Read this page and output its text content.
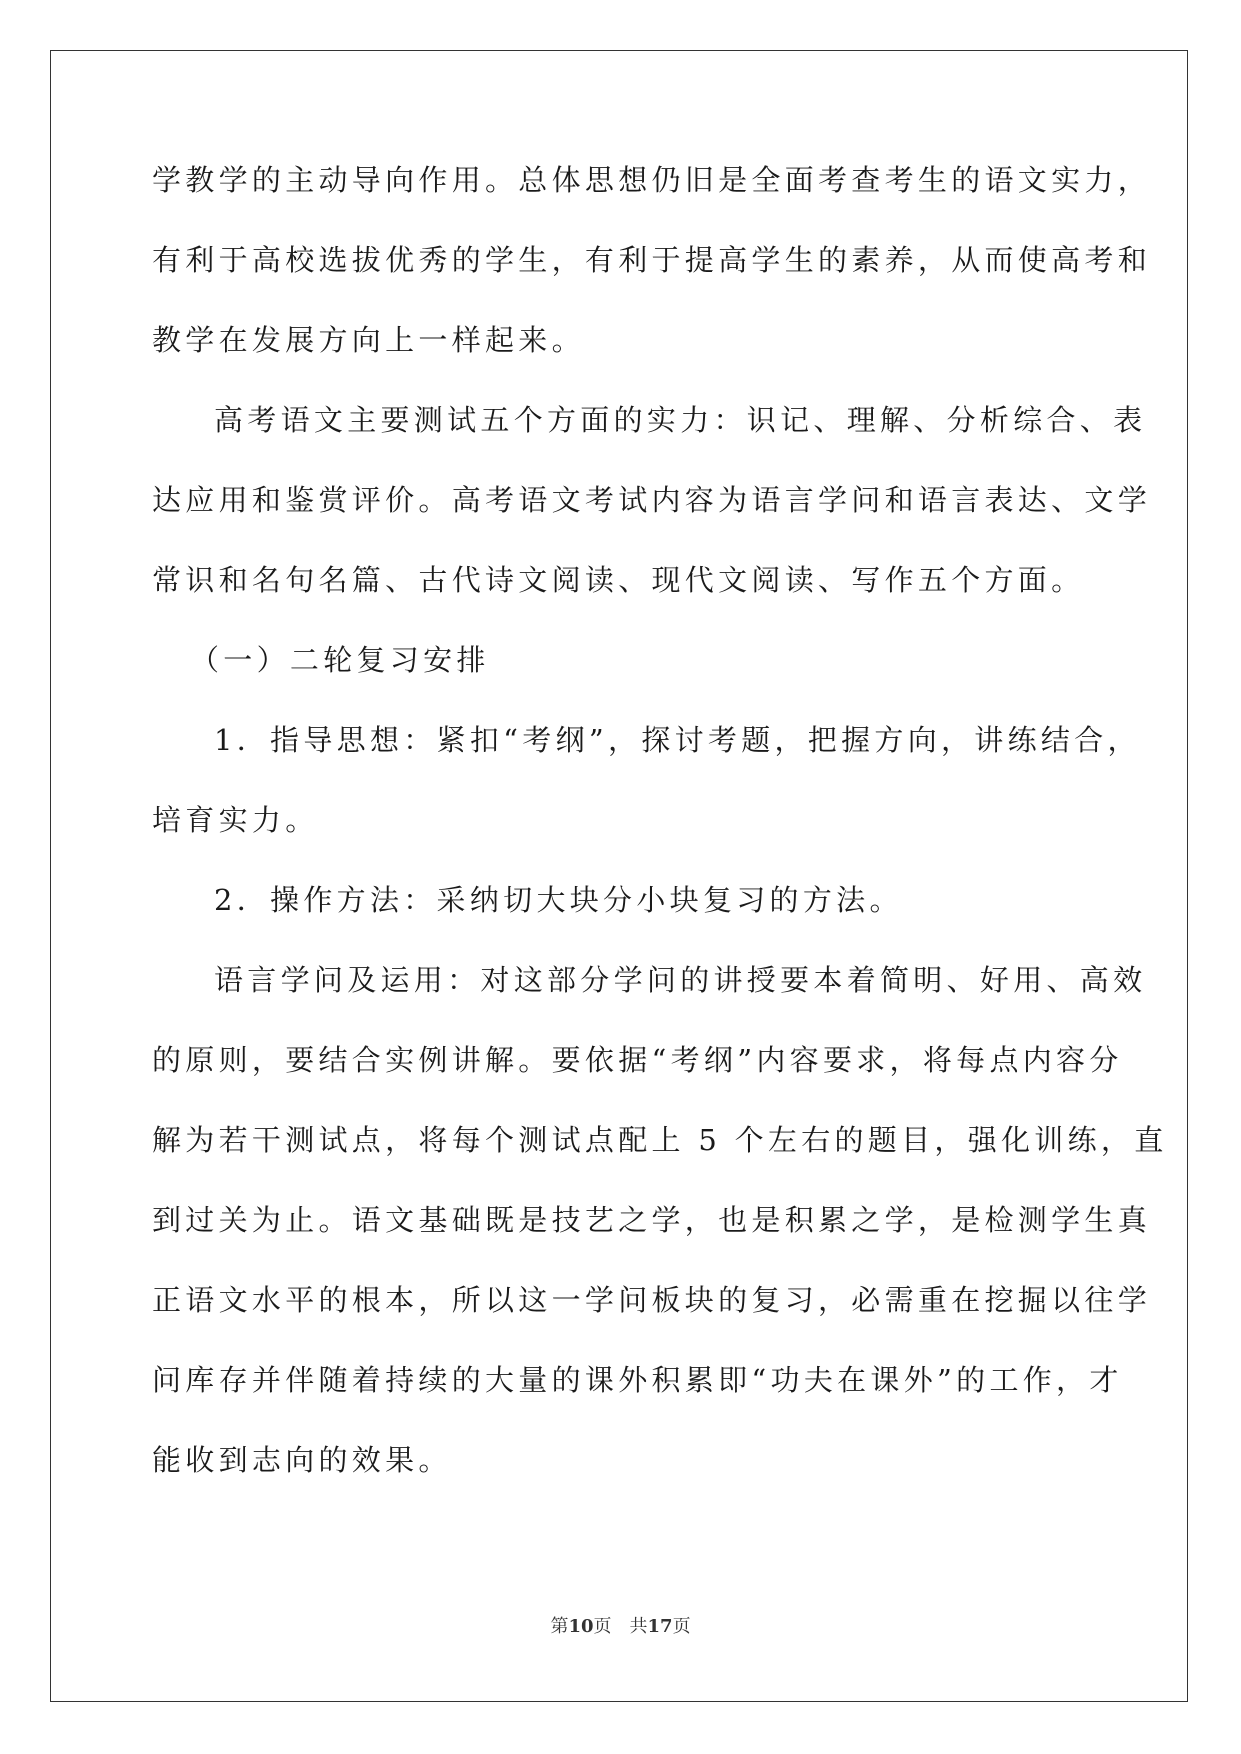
学教学的主动导向作用。总体思想仍旧是全面考查考生的语文实力，
有利于高校选拔优秀的学生，有利于提高学生的素养，从而使高考和
教学在发展方向上一样起来。
高考语文主要测试五个方面的实力：识记、理解、分析综合、表
达应用和鉴赏评价。高考语文考试内容为语言学问和语言表达、文学
常识和名句名篇、古代诗文阅读、现代文阅读、写作五个方面。
（一）二轮复习安排
1．指导思想：紧扣“考纲”，探讨考题，把握方向，讲练结合，
培育实力。
2．操作方法：采纳切大块分小块复习的方法。
语言学问及运用：对这部分学问的讲授要本着简明、好用、高效
的原则，要结合实例讲解。要依据“考纲”内容要求，将每点内容分
解为若干测试点，将每个测试点配上 5 个左右的题目，强化训练，直
到过关为止。语文基础既是技艺之学，也是积累之学，是检测学生真
正语文水平的根本，所以这一学问板块的复习，必需重在挖掘以往学
问库存并伴随着持续的大量的课外积累即“功夫在课外”的工作，才
能收到志向的效果。
第10页　共17页
